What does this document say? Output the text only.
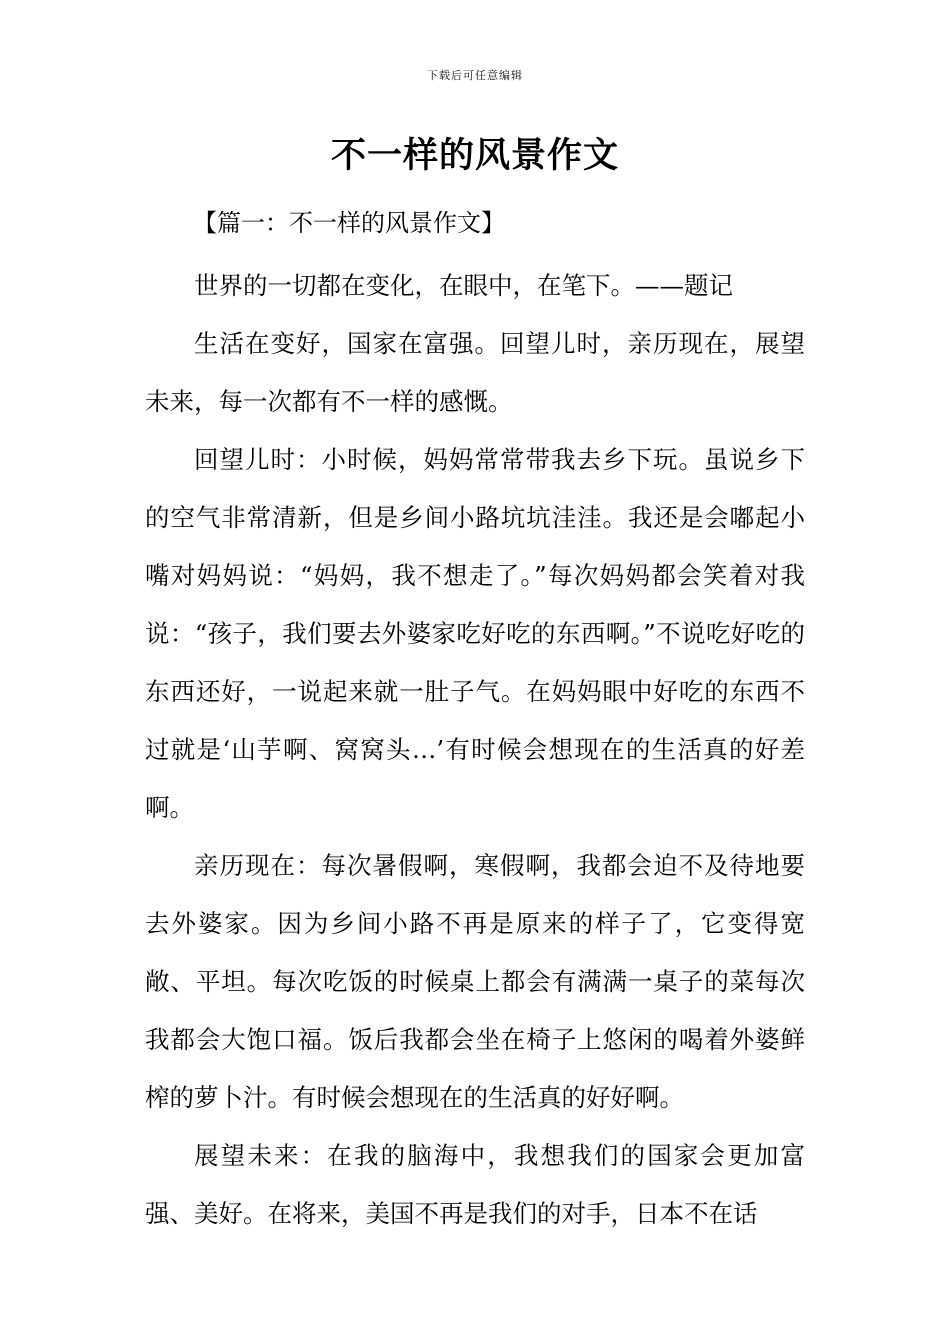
下载后可任意编辑
不一样的风景作文
【篇一：不一样的风景作文】

世界的一切都在变化，在眼中，在笔下。——题记

生活在变好，国家在富强。回望儿时，亲历现在，展望未来，每一次都有不一样的感慨。

回望儿时：小时候，妈妈常常带我去乡下玩。虽说乡下的空气非常清新，但是乡间小路坑坑洼洼。我还是会嘟起小嘴对妈妈说：“妈妈，我不想走了。”每次妈妈都会笑着对我说：“孩子，我们要去外婆家吃好吃的东西啊。”不说吃好吃的东西还好，一说起来就一肚子气。在妈妈眼中好吃的东西不过就是‘山芋啊、窝窝头…’有时候会想现在的生活真的好差啊。

亲历现在：每次暑假啊，寒假啊，我都会迫不及待地要去外婆家。因为乡间小路不再是原来的样子了，它变得宽敞、平坦。每次吃饭的时候桌上都会有满满一桌子的菜每次我都会大饱口福。饭后我都会坐在椅子上悠闲的喝着外婆鲜榨的萝卜汁。有时候会想现在的生活真的好好啊。

展望未来：在我的脑海中，我想我们的国家会更加富强、美好。在将来，美国不再是我们的对手，日本不在话
